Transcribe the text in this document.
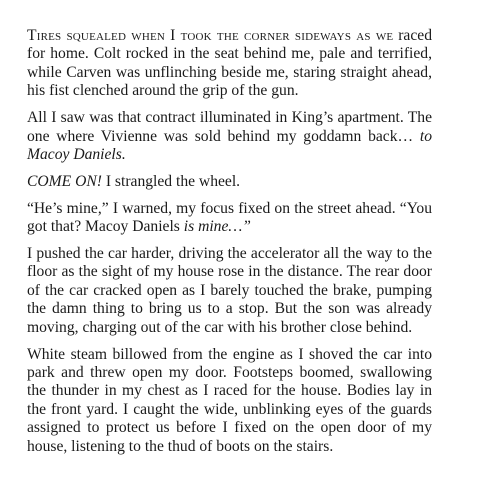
Tires squealed when I took the corner sideways as we raced for home. Colt rocked in the seat behind me, pale and terrified, while Carven was unflinching beside me, staring straight ahead, his fist clenched around the grip of the gun.

All I saw was that contract illuminated in King’s apartment. The one where Vivienne was sold behind my goddamn back… to Macoy Daniels.

COME ON! I strangled the wheel.

“He’s mine,” I warned, my focus fixed on the street ahead. “You got that? Macoy Daniels is mine…”

I pushed the car harder, driving the accelerator all the way to the floor as the sight of my house rose in the distance. The rear door of the car cracked open as I barely touched the brake, pumping the damn thing to bring us to a stop. But the son was already moving, charging out of the car with his brother close behind.

White steam billowed from the engine as I shoved the car into park and threw open my door. Footsteps boomed, swallowing the thunder in my chest as I raced for the house. Bodies lay in the front yard. I caught the wide, unblinking eyes of the guards assigned to protect us before I fixed on the open door of my house, listening to the thud of boots on the stairs.
